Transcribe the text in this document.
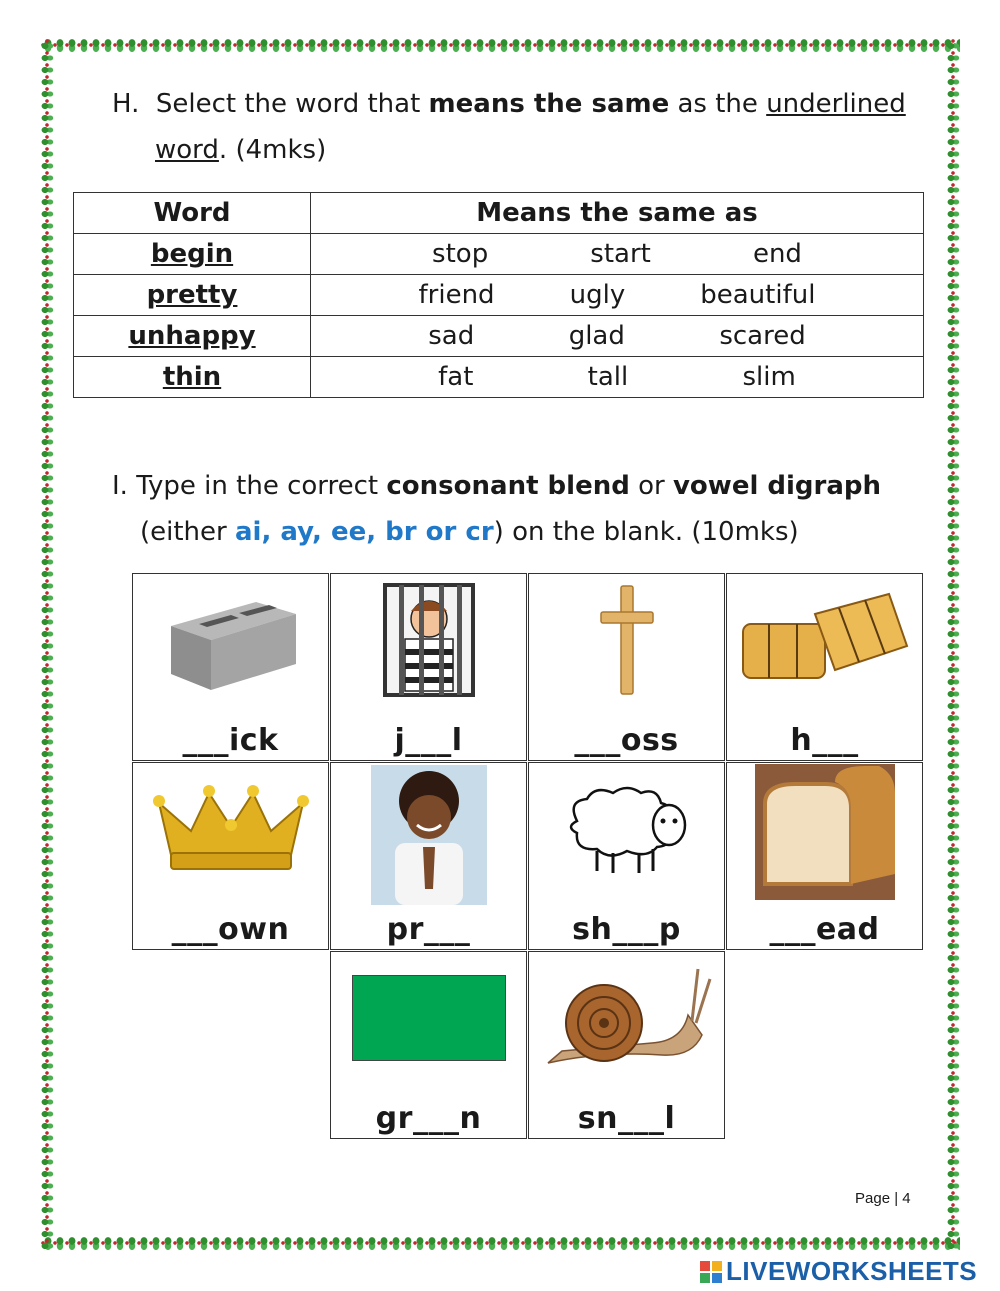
H. Select the word that means the same as the underlined
word. (4mks)
Word	Means the same as
begin	stop start end

pretty	friend ugly beautiful

unhappy	sad glad scared

thin	fat tall slim
I. Type in the correct consonant blend or vowel digraph
(either ai, ay, ee, br or cr) on the blank. (10mks)
___ick	j___l	___oss	h___
___own	pr___	sh___p	___ead
gr___n	sn___l
Page | 4
LIVEWORKSHEETS
